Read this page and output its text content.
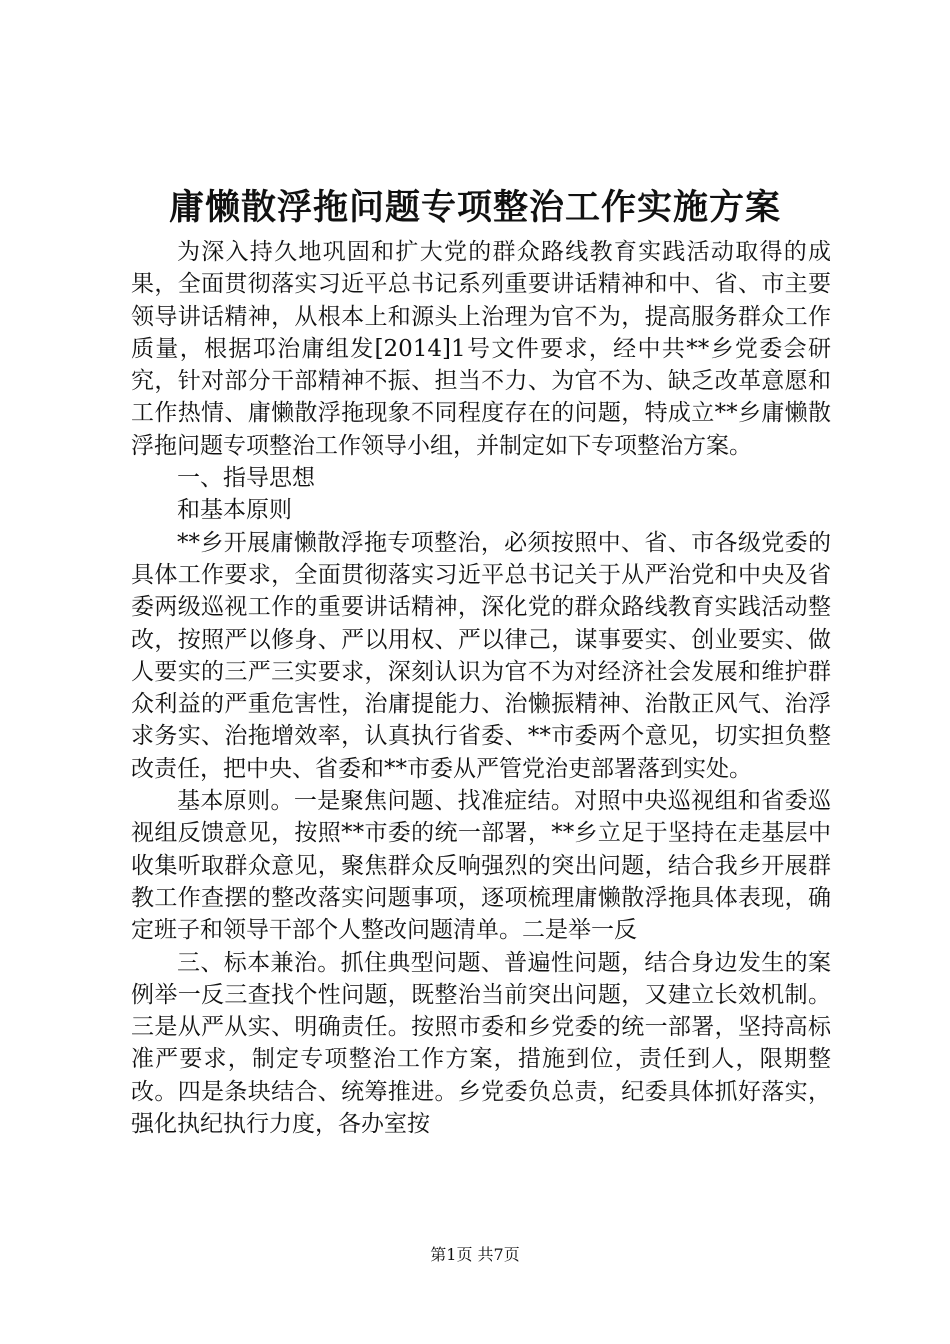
庸懒散浮拖问题专项整治工作实施方案

为深入持久地巩固和扩大党的群众路线教育实践活动取得的成果，全面贯彻落实习近平总书记系列重要讲话精神和中、省、市主要领导讲话精神，从根本上和源头上治理为官不为，提高服务群众工作质量，根据邛治庸组发[2014]1号文件要求，经中共**乡党委会研究，针对部分干部精神不振、担当不力、为官不为、缺乏改革意愿和工作热情、庸懒散浮拖现象不同程度存在的问题，特成立**乡庸懒散浮拖问题专项整治工作领导小组，并制定如下专项整治方案。

一、指导思想

和基本原则

**乡开展庸懒散浮拖专项整治，必须按照中、省、市各级党委的具体工作要求，全面贯彻落实习近平总书记关于从严治党和中央及省委两级巡视工作的重要讲话精神，深化党的群众路线教育实践活动整改，按照严以修身、严以用权、严以律己，谋事要实、创业要实、做人要实的三严三实要求，深刻认识为官不为对经济社会发展和维护群众利益的严重危害性，治庸提能力、治懒振精神、治散正风气、治浮求务实、治拖增效率，认真执行省委、**市委两个意见，切实担负整改责任，把中央、省委和**市委从严管党治吏部署落到实处。

基本原则。一是聚焦问题、找准症结。对照中央巡视组和省委巡视组反馈意见，按照**市委的统一部署，**乡立足于坚持在走基层中收集听取群众意见，聚焦群众反响强烈的突出问题，结合我乡开展群教工作查摆的整改落实问题事项，逐项梳理庸懒散浮拖具体表现，确定班子和领导干部个人整改问题清单。二是举一反

三、标本兼治。抓住典型问题、普遍性问题，结合身边发生的案例举一反三查找个性问题，既整治当前突出问题，又建立长效机制。三是从严从实、明确责任。按照市委和乡党委的统一部署，坚持高标准严要求，制定专项整治工作方案，措施到位，责任到人，限期整改。四是条块结合、统筹推进。乡党委负总责，纪委具体抓好落实，强化执纪执行力度，各办室按

第1页 共7页
